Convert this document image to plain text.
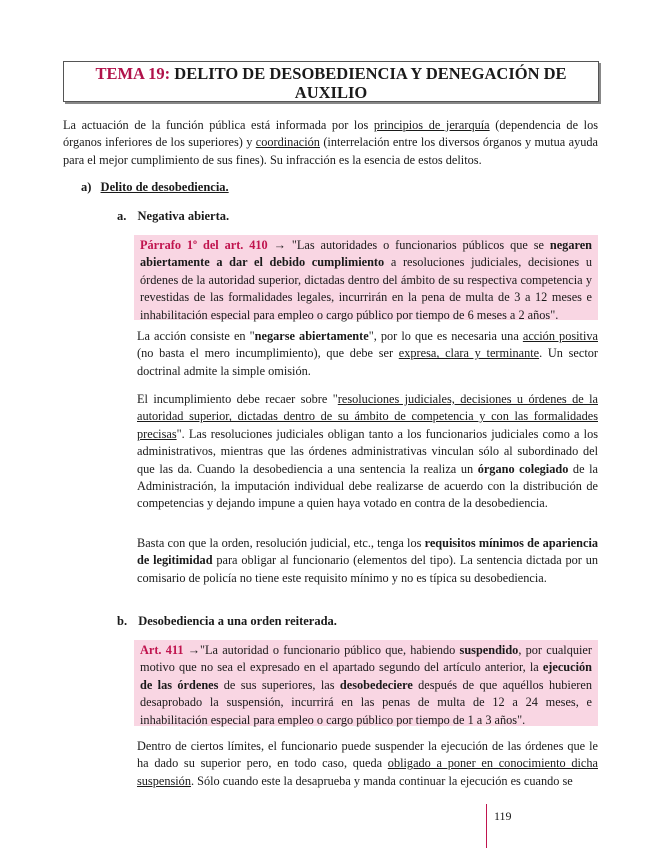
TEMA 19: DELITO DE DESOBEDIENCIA Y DENEGACIÓN DE
AUXILIO
La actuación de la función pública está informada por los principios de jerarquía (dependencia de los órganos inferiores de los superiores) y coordinación (interrelación entre los diversos órganos y mutua ayuda para el mejor cumplimiento de sus fines). Su infracción es la esencia de estos delitos.
a) Delito de desobediencia.
a. Negativa abierta.
Párrafo 1º del art. 410 → "Las autoridades o funcionarios públicos que se negaren abiertamente a dar el debido cumplimiento a resoluciones judiciales, decisiones u órdenes de la autoridad superior, dictadas dentro del ámbito de su respectiva competencia y revestidas de las formalidades legales, incurrirán en la pena de multa de 3 a 12 meses e inhabilitación especial para empleo o cargo público por tiempo de 6 meses a 2 años".
La acción consiste en "negarse abiertamente", por lo que es necesaria una acción positiva (no basta el mero incumplimiento), que debe ser expresa, clara y terminante. Un sector doctrinal admite la simple omisión.
El incumplimiento debe recaer sobre "resoluciones judiciales, decisiones u órdenes de la autoridad superior, dictadas dentro de su ámbito de competencia y con las formalidades precisas". Las resoluciones judiciales obligan tanto a los funcionarios judiciales como a los administrativos, mientras que las órdenes administrativas vinculan sólo al subordinado del que las da. Cuando la desobediencia a una sentencia la realiza un órgano colegiado de la Administración, la imputación individual debe realizarse de acuerdo con la distribución de competencias y dejando impune a quien haya votado en contra de la desobediencia.
Basta con que la orden, resolución judicial, etc., tenga los requisitos mínimos de apariencia de legitimidad para obligar al funcionario (elementos del tipo). La sentencia dictada por un comisario de policía no tiene este requisito mínimo y no es típica su desobediencia.
b. Desobediencia a una orden reiterada.
Art. 411 →"La autoridad o funcionario público que, habiendo suspendido, por cualquier motivo que no sea el expresado en el apartado segundo del artículo anterior, la ejecución de las órdenes de sus superiores, las desobedeciere después de que aquéllos hubieren desaprobado la suspensión, incurrirá en las penas de multa de 12 a 24 meses, e inhabilitación especial para empleo o cargo público por tiempo de 1 a 3 años".
Dentro de ciertos límites, el funcionario puede suspender la ejecución de las órdenes que le ha dado su superior pero, en todo caso, queda obligado a poner en conocimiento dicha suspensión. Sólo cuando este la desaprueba y manda continuar la ejecución es cuando se
119
